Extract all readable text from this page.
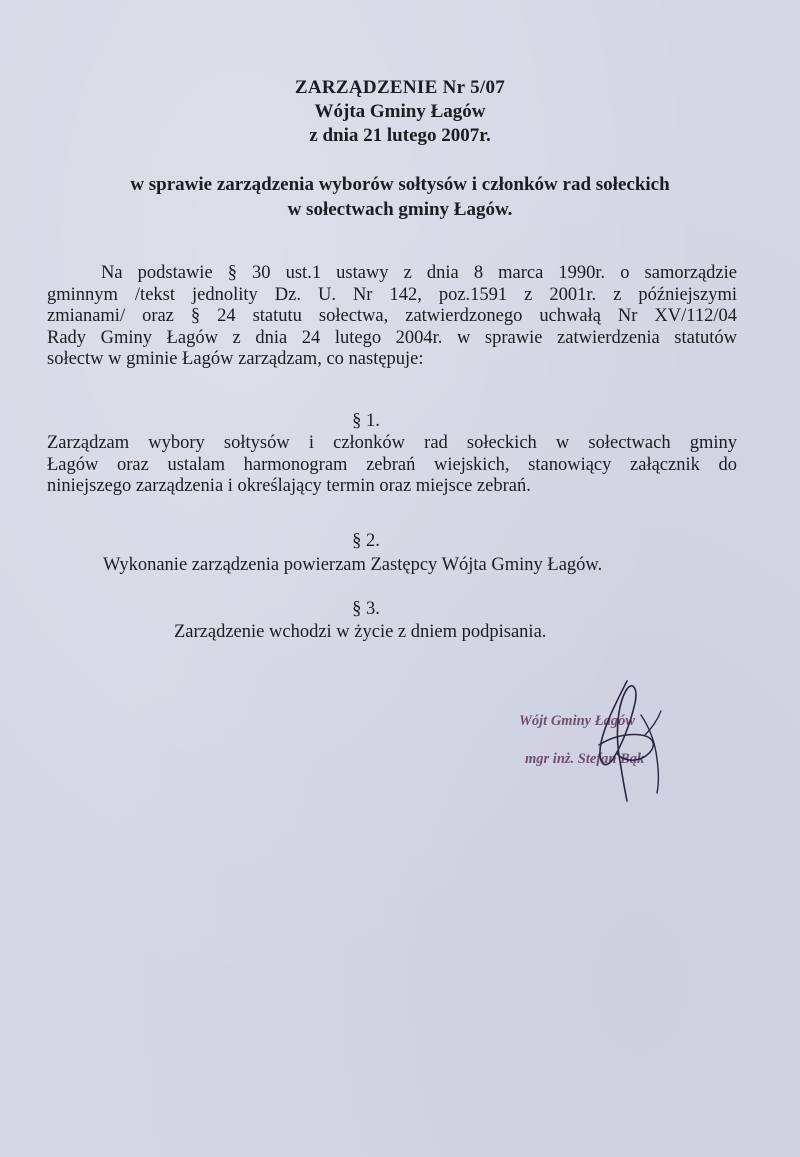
ZARZĄDZENIE Nr 5/07
Wójta Gminy Łagów
z dnia 21 lutego 2007r.
w sprawie zarządzenia wyborów sołtysów i członków rad sołeckich
w sołectwach gminy Łagów.
Na podstawie § 30 ust.1 ustawy z dnia 8 marca 1990r. o samorządzie
gminnym /tekst jednolity Dz. U. Nr 142, poz.1591 z 2001r. z późniejszymi
zmianami/ oraz § 24 statutu sołectwa, zatwierdzonego uchwałą Nr XV/112/04
Rady Gminy Łagów z dnia 24 lutego 2004r. w sprawie zatwierdzenia statutów
sołectw w gminie Łagów zarządzam, co następuje:
§ 1.
Zarządzam wybory sołtysów i członków rad sołeckich w sołectwach gminy
Łagów oraz ustalam harmonogram zebrań wiejskich, stanowiący załącznik do
niniejszego zarządzenia i określający termin oraz miejsce zebrań.
§ 2.
Wykonanie zarządzenia powierzam Zastępcy Wójta Gminy Łagów.
§ 3.
Zarządzenie wchodzi w życie z dniem podpisania.
Wójt Gminy Łagów
mgr inż. Stefan Bąk
